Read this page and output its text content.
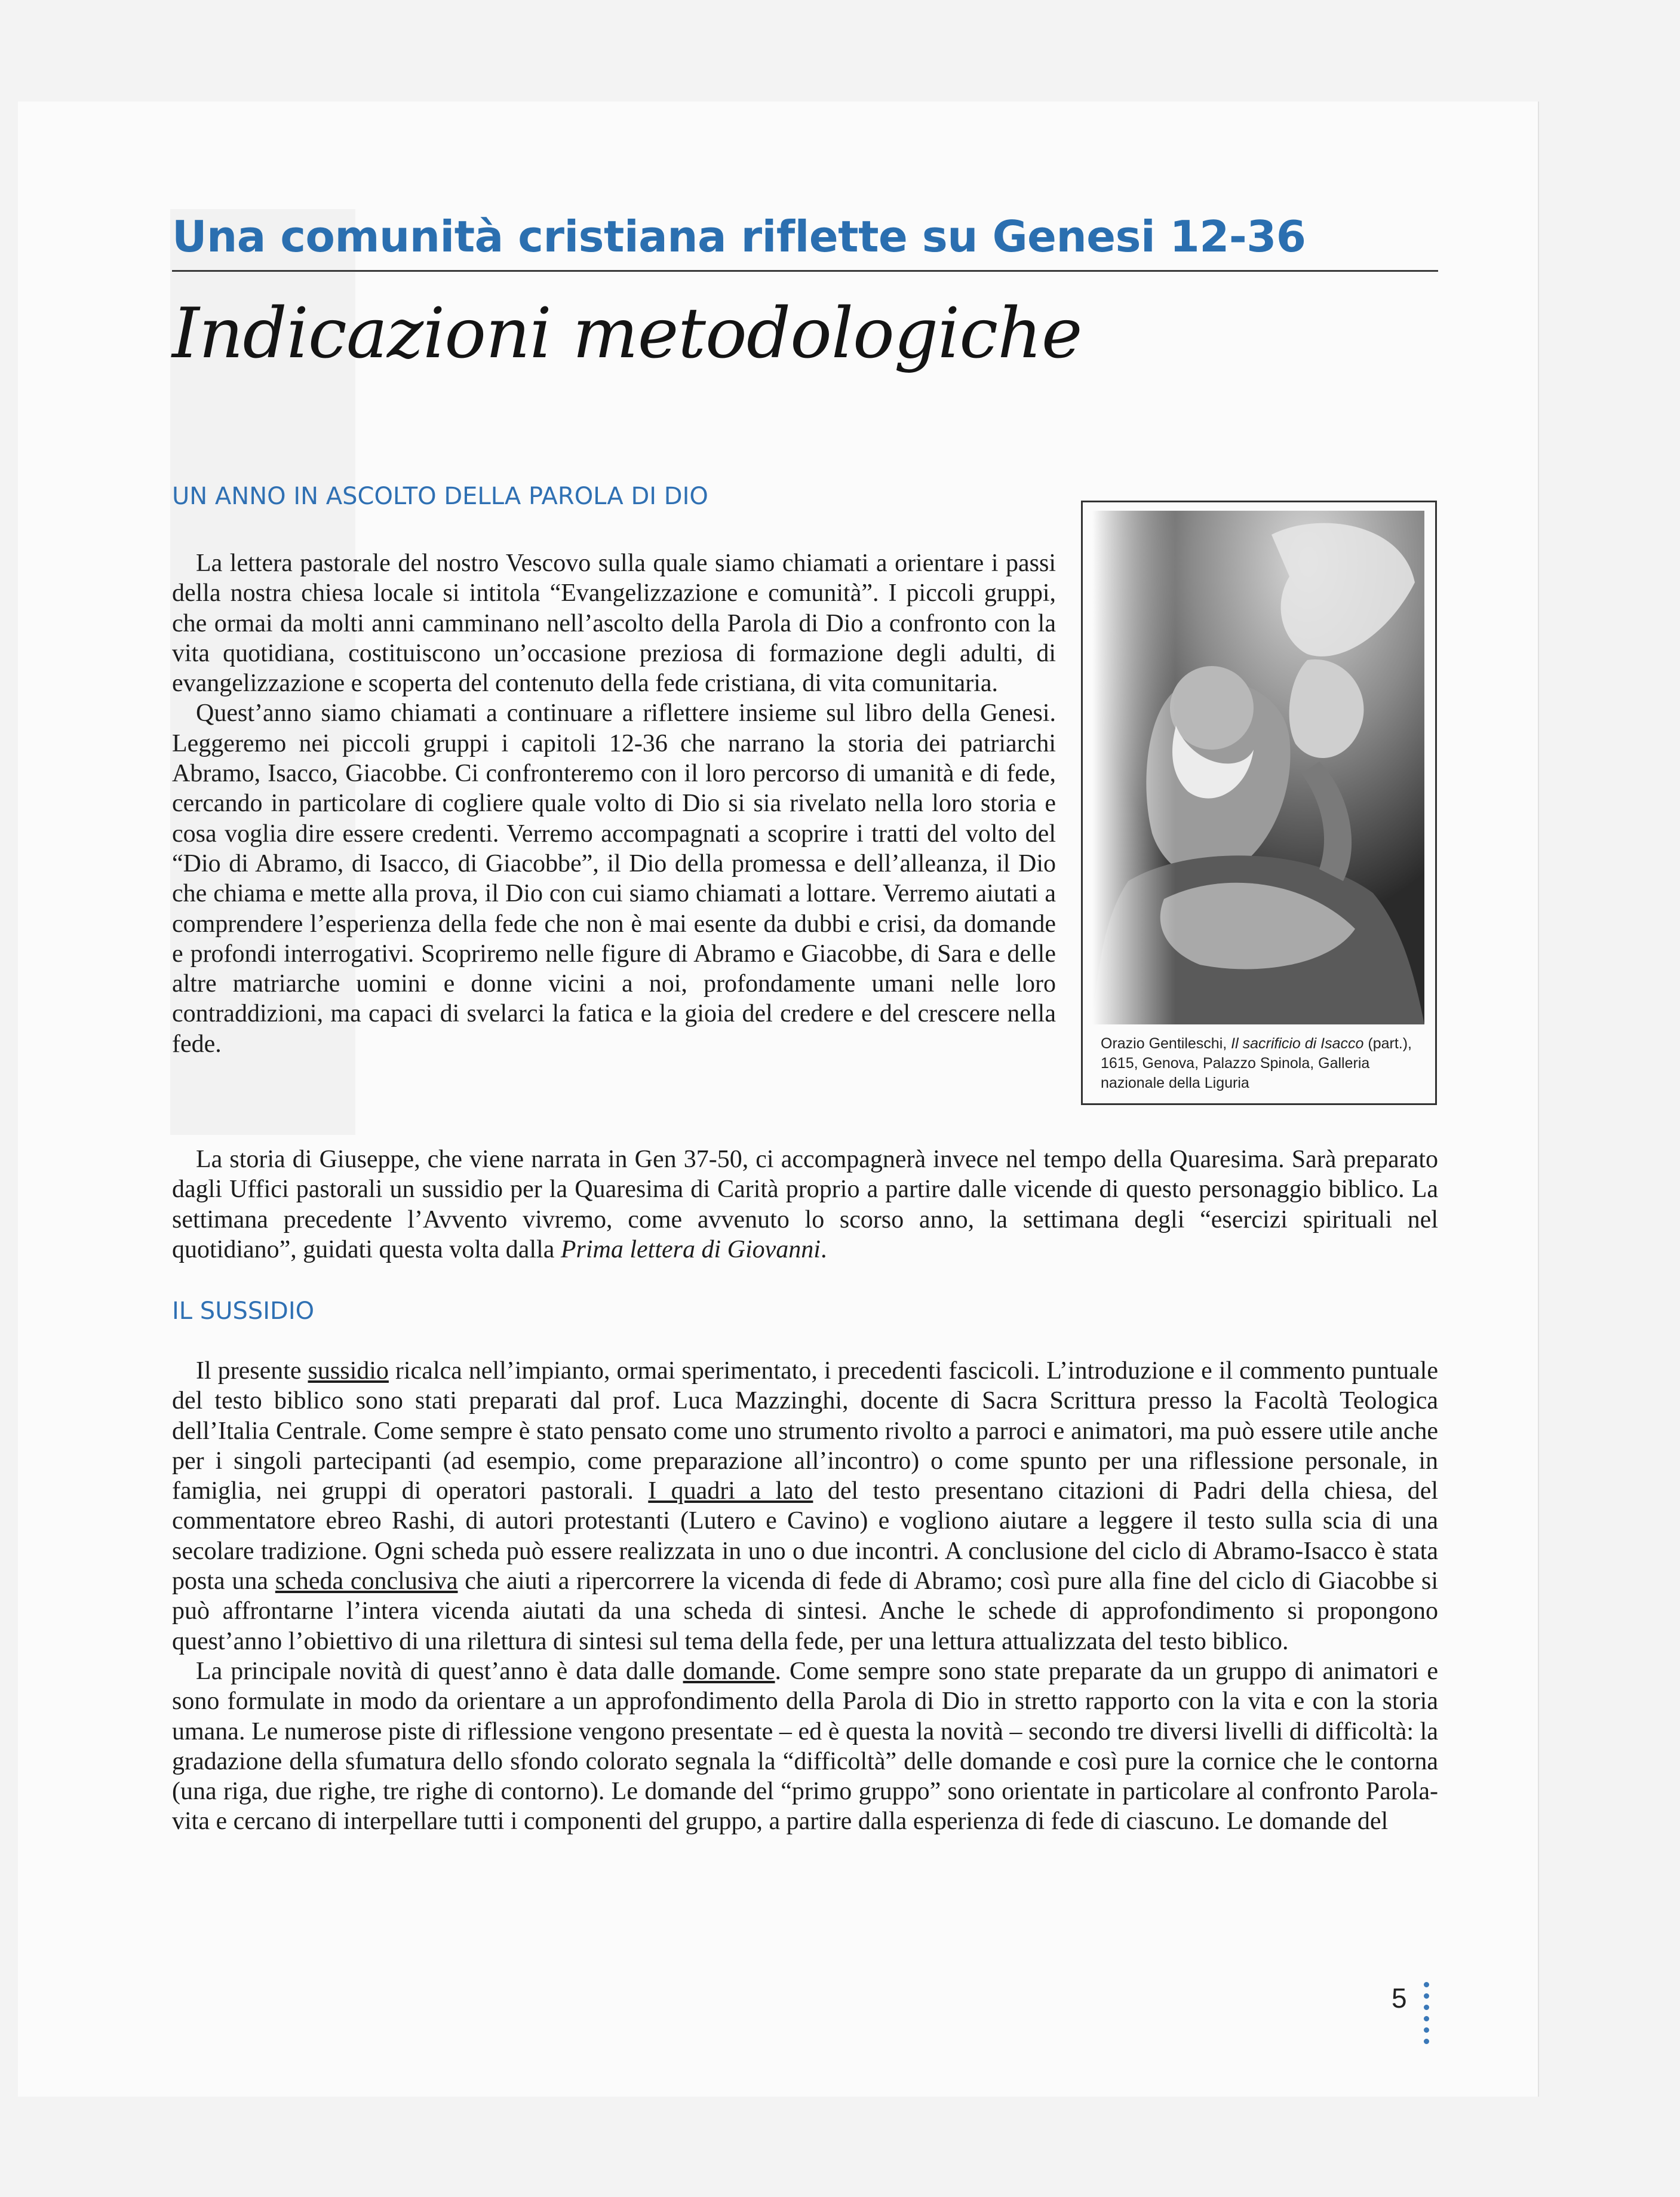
Una comunità cristiana riflette su Genesi 12-36
Indicazioni metodologiche
UN ANNO IN ASCOLTO DELLA PAROLA DI DIO

La lettera pastorale del nostro Vescovo sulla quale siamo chiamati a orientare i passi della nostra chiesa locale si intitola “Evangelizzazione e comunità”. I piccoli gruppi, che ormai da molti anni camminano nell’ascolto della Parola di Dio a confronto con la vita quotidiana, costituiscono un’occasione preziosa di formazione degli adulti, di evangelizzazione e scoperta del contenuto della fede cristiana, di vita comunitaria.

Quest’anno siamo chiamati a continuare a riflettere insieme sul libro della Genesi. Leggeremo nei piccoli gruppi i capitoli 12-36 che narrano la storia dei patriarchi Abramo, Isacco, Giacobbe. Ci confronteremo con il loro percorso di umanità e di fede, cercando in particolare di cogliere quale volto di Dio si sia rivelato nella loro storia e cosa voglia dire essere credenti. Verremo accompagnati a scoprire i tratti del volto del “Dio di Abramo, di Isacco, di Giacobbe”, il Dio della promessa e dell’alleanza, il Dio che chiama e mette alla prova, il Dio con cui siamo chiamati a lottare. Verremo aiutati a comprendere l’esperienza della fede che non è mai esente da dubbi e crisi, da domande e profondi interrogativi. Scopriremo nelle figure di Abramo e Giacobbe, di Sara e delle altre matriarche uomini e donne vicini a noi, profondamente umani nelle loro contraddizioni, ma capaci di svelarci la fatica e la gioia del credere e del crescere nella fede.

La storia di Giuseppe, che viene narrata in Gen 37-50, ci accompagnerà invece nel tempo della Quaresima. Sarà preparato dagli Uffici pastorali un sussidio per la Quaresima di Carità proprio a partire dalle vicende di questo personaggio biblico. La settimana precedente l’Avvento vivremo, come avvenuto lo scorso anno, la settimana degli “esercizi spirituali nel quotidiano”, guidati questa volta dalla Prima lettera di Giovanni.

Orazio Gentileschi, Il sacrificio di Isacco (part.), 1615, Genova, Palazzo Spinola, Galleria nazionale della Liguria
IL SUSSIDIO

Il presente sussidio ricalca nell’impianto, ormai sperimentato, i precedenti fascicoli. L’introduzione e il commento puntuale del testo biblico sono stati preparati dal prof. Luca Mazzinghi, docente di Sacra Scrittura presso la Facoltà Teologica dell’Italia Centrale. Come sempre è stato pensato come uno strumento rivolto a parroci e animatori, ma può essere utile anche per i singoli partecipanti (ad esempio, come preparazione all’incontro) o come spunto per una riflessione personale, in famiglia, nei gruppi di operatori pastorali. I quadri a lato del testo presentano citazioni di Padri della chiesa, del commentatore ebreo Rashi, di autori protestanti (Lutero e Cavino) e vogliono aiutare a leggere il testo sulla scia di una secolare tradizione. Ogni scheda può essere realizzata in uno o due incontri. A conclusione del ciclo di Abramo-Isacco è stata posta una scheda conclusiva che aiuti a ripercorrere la vicenda di fede di Abramo; così pure alla fine del ciclo di Giacobbe si può affrontarne l’intera vicenda aiutati da una scheda di sintesi. Anche le schede di approfondimento si propongono quest’anno l’obiettivo di una rilettura di sintesi sul tema della fede, per una lettura attualizzata del testo biblico.

La principale novità di quest’anno è data dalle domande. Come sempre sono state preparate da un gruppo di animatori e sono formulate in modo da orientare a un approfondimento della Parola di Dio in stretto rapporto con la vita e con la storia umana. Le numerose piste di riflessione vengono presentate – ed è questa la novità – secondo tre diversi livelli di difficoltà: la gradazione della sfumatura dello sfondo colorato segnala la “difficoltà” delle domande e così pure la cornice che le contorna (una riga, due righe, tre righe di contorno). Le domande del “primo gruppo” sono orientate in particolare al confronto Parola-vita e cercano di interpellare tutti i componenti del gruppo, a partire dalla esperienza di fede di ciascuno. Le domande del

5
